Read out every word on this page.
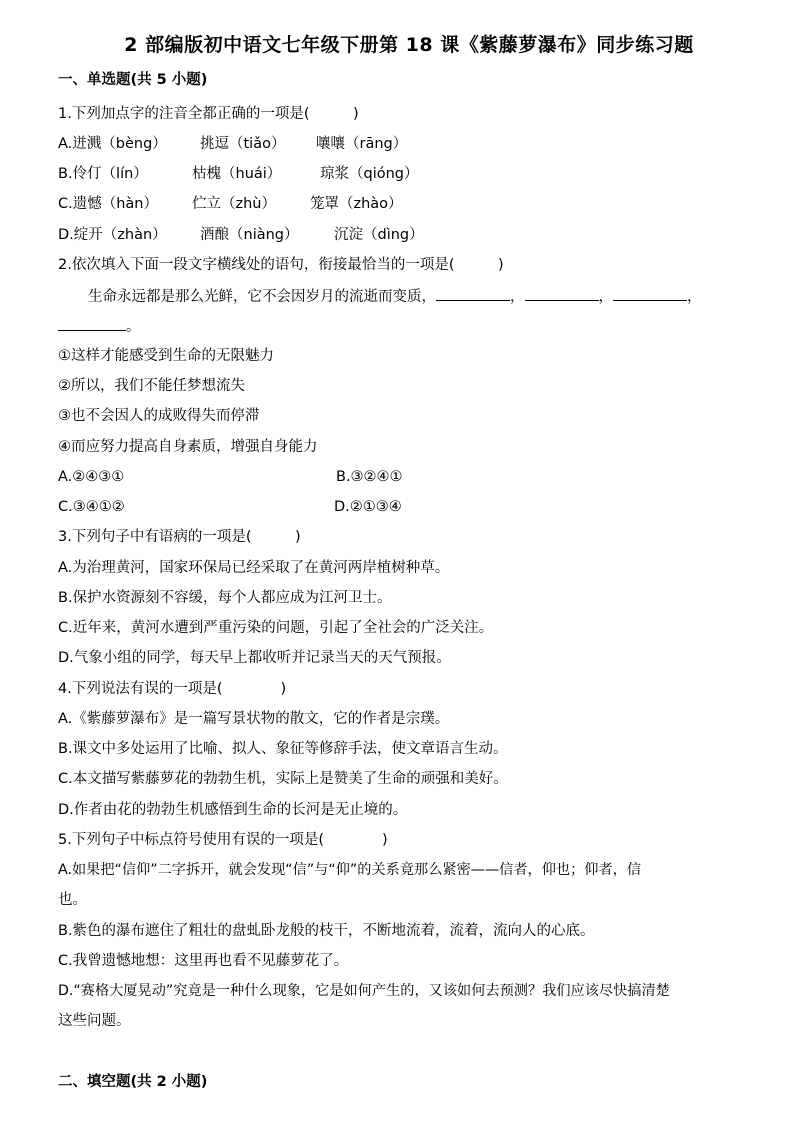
2 部编版初中语文七年级下册第 18 课《紫藤萝瀑布》同步练习题
一、单选题(共 5 小题)
1.下列加点字的注音全都正确的一项是(　　　)
A.迸溅（bèng） 挑逗（tiǎo） 嚷嚷（rāng）
B.伶仃（lín）	枯槐（huái）	琼浆（qióng）
C.遗憾（hàn） 伫立（zhù） 笼罩（zhào）
D.绽开（zhàn） 酒酿（niàng） 沉淀（dìng）
2.依次填入下面一段文字横线处的语句，衔接最恰当的一项是(　　　)
生命永远都是那么光鲜，它不会因岁月的流逝而变质，	，	，	，
。
①这样才能感受到生命的无限魅力
②所以，我们不能任梦想流失
③也不会因人的成败得失而停滞
④而应努力提高自身素质，增强自身能力
A.②④③①	B.③②④①
C.③④①②	D.②①③④
3.下列句子中有语病的一项是(　　　)
A.为治理黄河，国家环保局已经采取了在黄河两岸植树种草。
B.保护水资源刻不容缓，每个人都应成为江河卫士。
C.近年来，黄河水遭到严重污染的问题，引起了全社会的广泛关注。
D.气象小组的同学，每天早上都收听并记录当天的天气预报。
4.下列说法有误的一项是(　　　　)
A.《紫藤萝瀑布》是一篇写景状物的散文，它的作者是宗璞。
B.课文中多处运用了比喻、拟人、象征等修辞手法，使文章语言生动。
C.本文描写紫藤萝花的勃勃生机，实际上是赞美了生命的顽强和美好。
D.作者由花的勃勃生机感悟到生命的长河是无止境的。
5.下列句子中标点符号使用有误的一项是(　　　　)
A.如果把“信仰”二字拆开，就会发现“信”与“仰”的关系竟那么紧密——信者，仰也；仰者，信
也。
B.紫色的瀑布遮住了粗壮的盘虬卧龙般的枝干，不断地流着，流着，流向人的心底。
C.我曾遗憾地想：这里再也看不见藤萝花了。
D.“赛格大厦晃动”究竟是一种什么现象，它是如何产生的，又该如何去预测？我们应该尽快搞清楚
这些问题。
二、填空题(共 2 小题)
